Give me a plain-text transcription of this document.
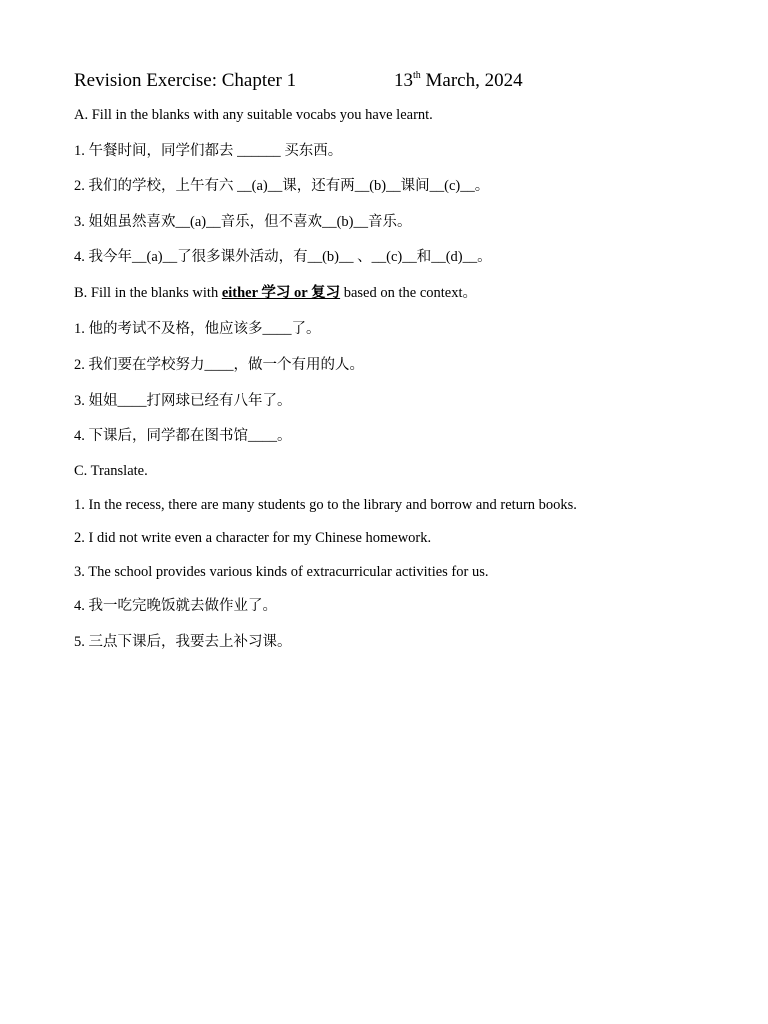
Revision Exercise: Chapter 1	13th March, 2024
A. Fill in the blanks with any suitable vocabs you have learnt.
1. 午餐时间，同学们都去 ______ 买东西。
2. 我们的学校，上午有六 __(a)__课，还有两__(b)__课间__(c)__。
3. 姐姐虽然喜欢__(a)__音乐，但不喜欢__(b)__音乐。
4. 我今年__(a)__了很多课外活动，有__(b)__ 、__(c)__和__(d)__。
B. Fill in the blanks with either 学习 or 复习 based on the context。
1. 他的考试不及格，他应该多____了。
2. 我们要在学校努力____，做一个有用的人。
3. 姐姐____打网球已经有八年了。
4. 下课后，同学都在图书馆____。
C. Translate.
1. In the recess, there are many students go to the library and borrow and return books.
2. I did not write even a character for my Chinese homework.
3. The school provides various kinds of extracurricular activities for us.
4. 我一吃完晚饭就去做作业了。
5. 三点下课后，我要去上补习课。
